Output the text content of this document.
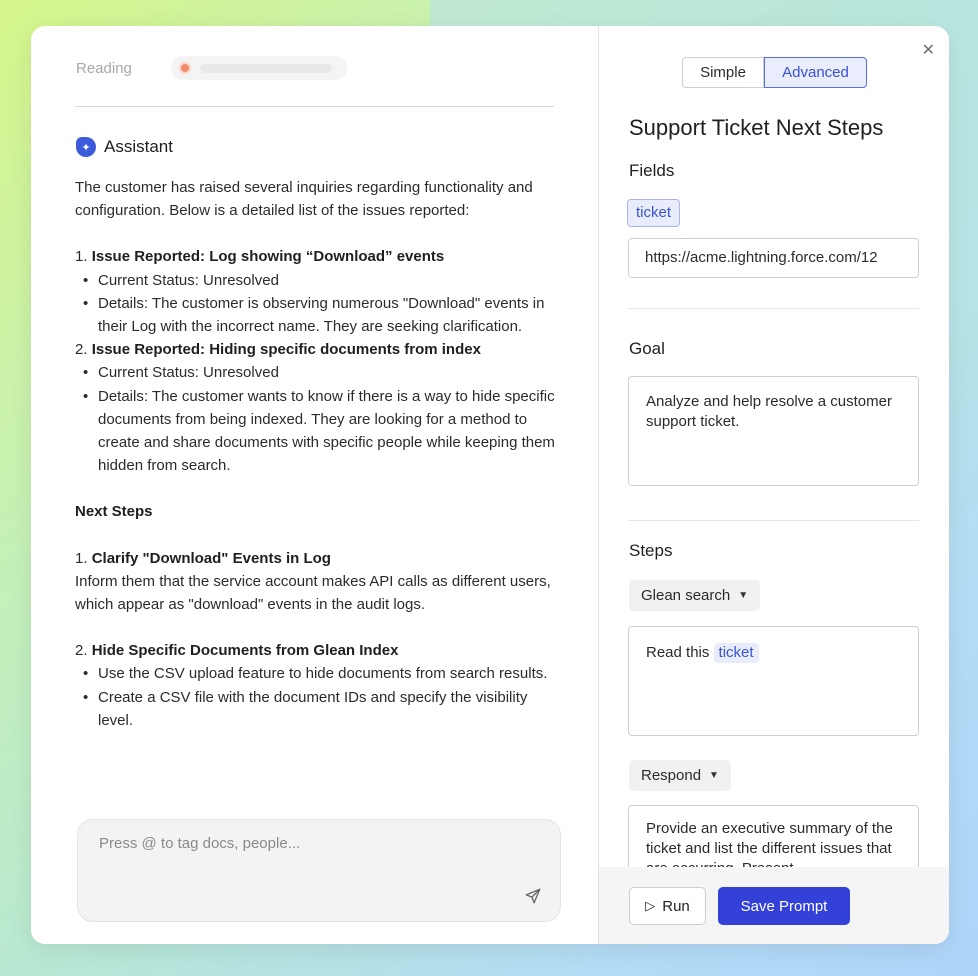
Reading
✦ Assistant

The customer has raised several inquiries regarding functionality and configuration. Below is a detailed list of the issues reported:

1. Issue Reported: Log showing “Download” events

• Current Status: Unresolved
• Details: The customer is observing numerous "Download" events in their Log with the incorrect name. They are seeking clarification.

2. Issue Reported: Hiding specific documents from index

• Current Status: Unresolved
• Details: The customer wants to know if there is a way to hide specific documents from being indexed. They are looking for a method to create and share documents with specific people while keeping them hidden from search.

Next Steps

1. Clarify "Download" Events in Log

Inform them that the service account makes API calls as different users, which appear as "download" events in the audit logs.

2. Hide Specific Documents from Glean Index

• Use the CSV upload feature to hide documents from search results.
• Create a CSV file with the document IDs and specify the visibility level.
Press @ to tag docs, people...
✕
Simple	Advanced
Support Ticket Next Steps
Fields
ticket
https://acme.lightning.force.com/12
Goal
Analyze and help resolve a customer support ticket.
Steps
Glean search ▼
Read this ticket
Respond ▼
Provide an executive summary of the ticket and list the different issues that
▷ Run	Save Prompt
